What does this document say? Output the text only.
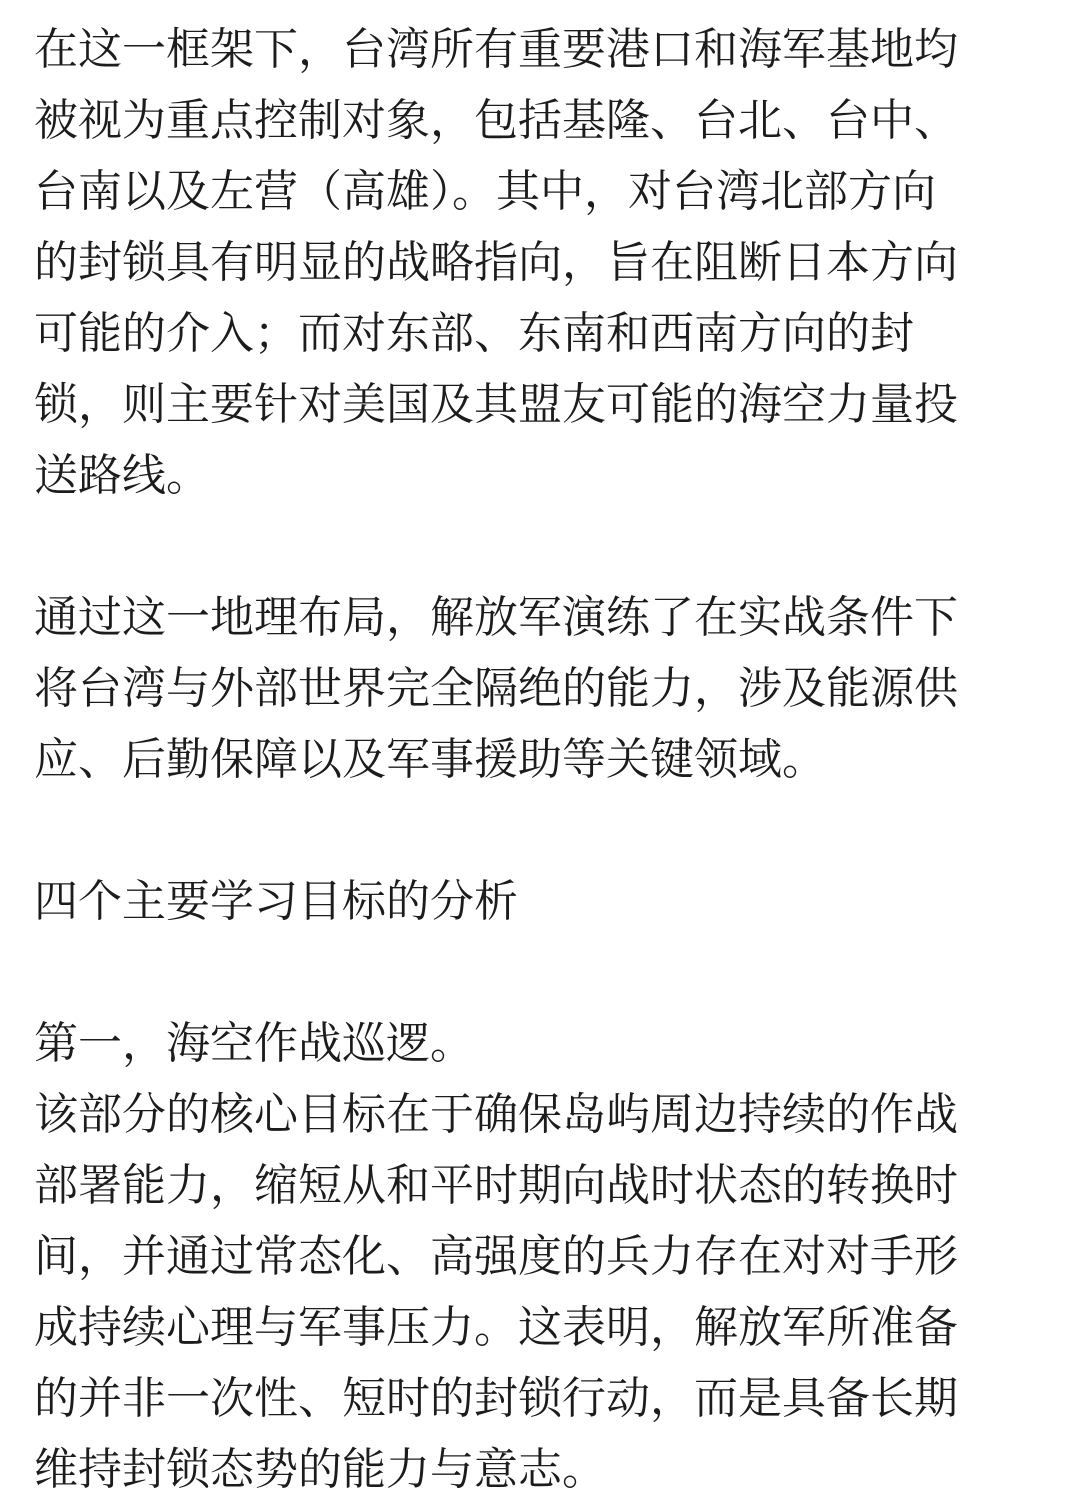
在这一框架下，台湾所有重要港口和海军基地均
被视为重点控制对象，包括基隆、台北、台中、
台南以及左营（高雄）。其中，对台湾北部方向
的封锁具有明显的战略指向，旨在阻断日本方向
可能的介入；而对东部、东南和西南方向的封
锁，则主要针对美国及其盟友可能的海空力量投
送路线。
通过这一地理布局，解放军演练了在实战条件下
将台湾与外部世界完全隔绝的能力，涉及能源供
应、后勤保障以及军事援助等关键领域。
四个主要学习目标的分析
第一，海空作战巡逻。
该部分的核心目标在于确保岛屿周边持续的作战
部署能力，缩短从和平时期向战时状态的转换时
间，并通过常态化、高强度的兵力存在对对手形
成持续心理与军事压力。这表明，解放军所准备
的并非一次性、短时的封锁行动，而是具备长期
维持封锁态势的能力与意志。
